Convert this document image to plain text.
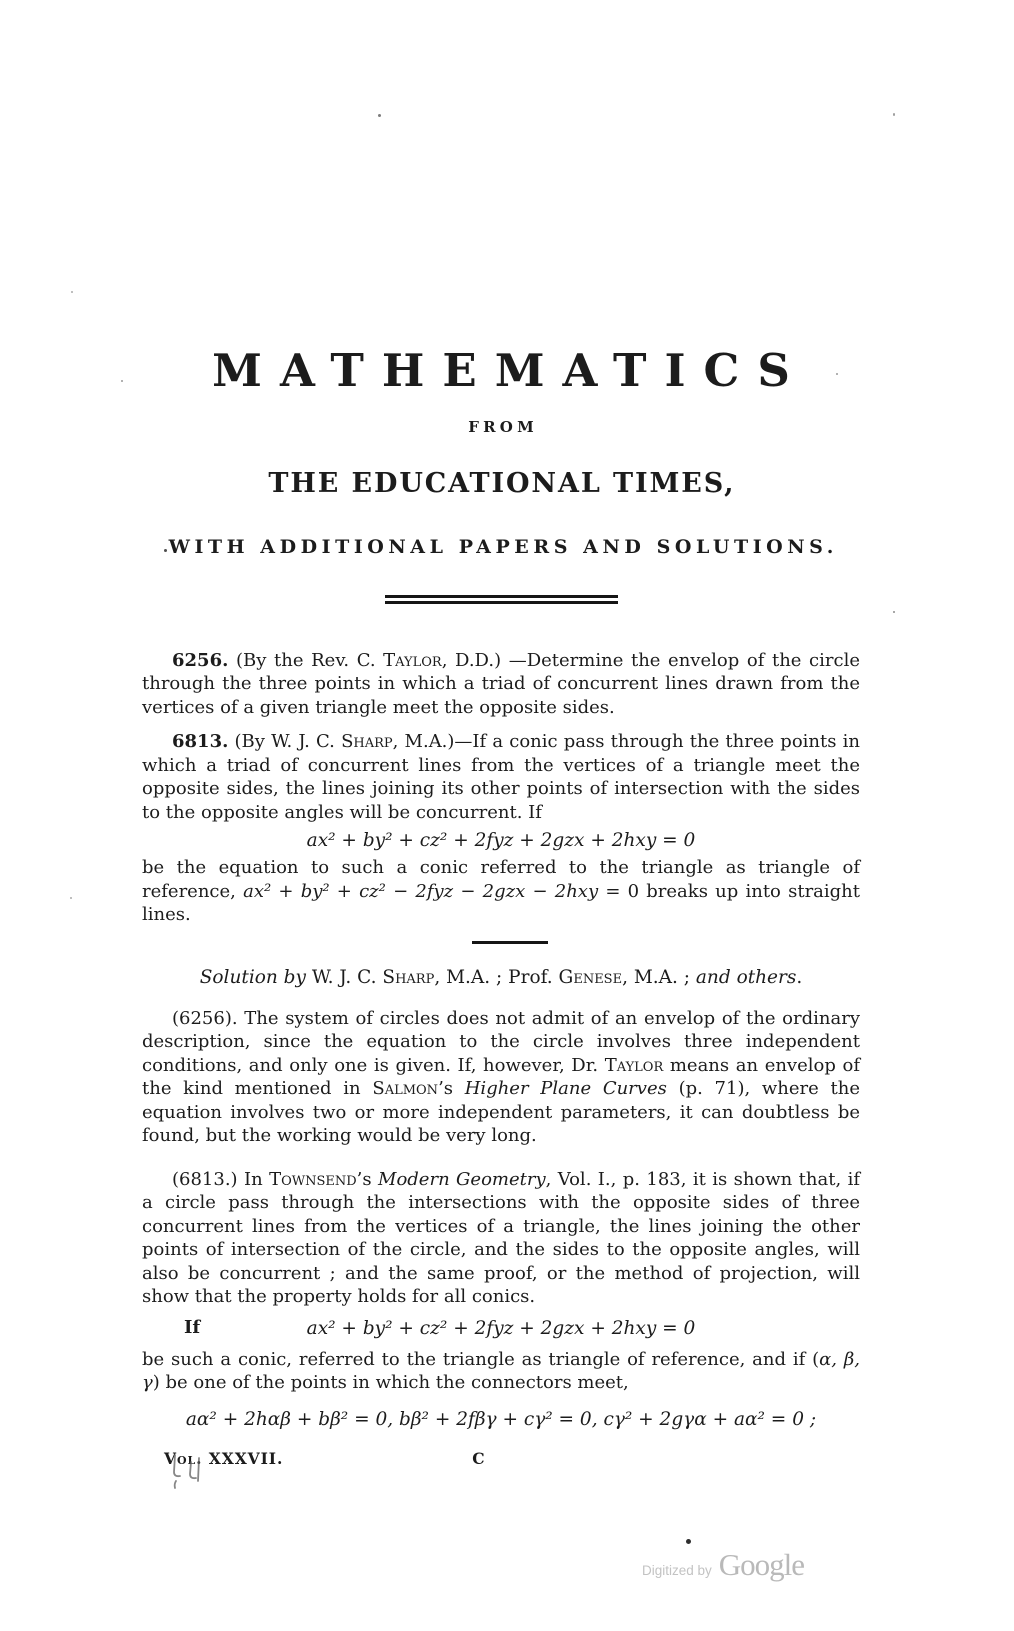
MATHEMATICS
FROM
THE EDUCATIONAL TIMES,
WITH ADDITIONAL PAPERS AND SOLUTIONS.

6256. (By the Rev. C. Taylor, D.D.) —Determine the envelop of the circle through the three points in which a triad of concurrent lines drawn from the vertices of a given triangle meet the opposite sides.

6813. (By W. J. C. Sharp, M.A.)—If a conic pass through the three points in which a triad of concurrent lines from the vertices of a triangle meet the opposite sides, the lines joining its other points of intersection with the sides to the opposite angles will be concurrent. If

ax² + by² + cz² + 2fyz + 2gzx + 2hxy = 0

be the equation to such a conic referred to the triangle as triangle of reference, ax² + by² + cz² − 2fyz − 2gzx − 2hxy = 0 breaks up into straight lines.

Solution by W. J. C. Sharp, M.A. ; Prof. Genese, M.A. ; and others.

(6256). The system of circles does not admit of an envelop of the ordinary description, since the equation to the circle involves three independent conditions, and only one is given. If, however, Dr. Taylor means an envelop of the kind mentioned in Salmon’s Higher Plane Curves (p. 71), where the equation involves two or more independent parameters, it can doubtless be found, but the working would be very long.

(6813.) In Townsend’s Modern Geometry, Vol. I., p. 183, it is shown that, if a circle pass through the intersections with the opposite sides of three concurrent lines from the vertices of a triangle, the lines joining the other points of intersection of the circle, and the sides to the opposite angles, will also be concurrent ; and the same proof, or the method of projection, will show that the property holds for all conics.

If	ax² + by² + cz² + 2fyz + 2gzx + 2hxy = 0

be such a conic, referred to the triangle as triangle of reference, and if (α, β, γ) be one of the points in which the connectors meet,

aα² + 2hαβ + bβ² = 0, bβ² + 2fβγ + cγ² = 0, cγ² + 2gγα + aα² = 0 ;
Vol. XXXVII.	C
Digitized by Google
